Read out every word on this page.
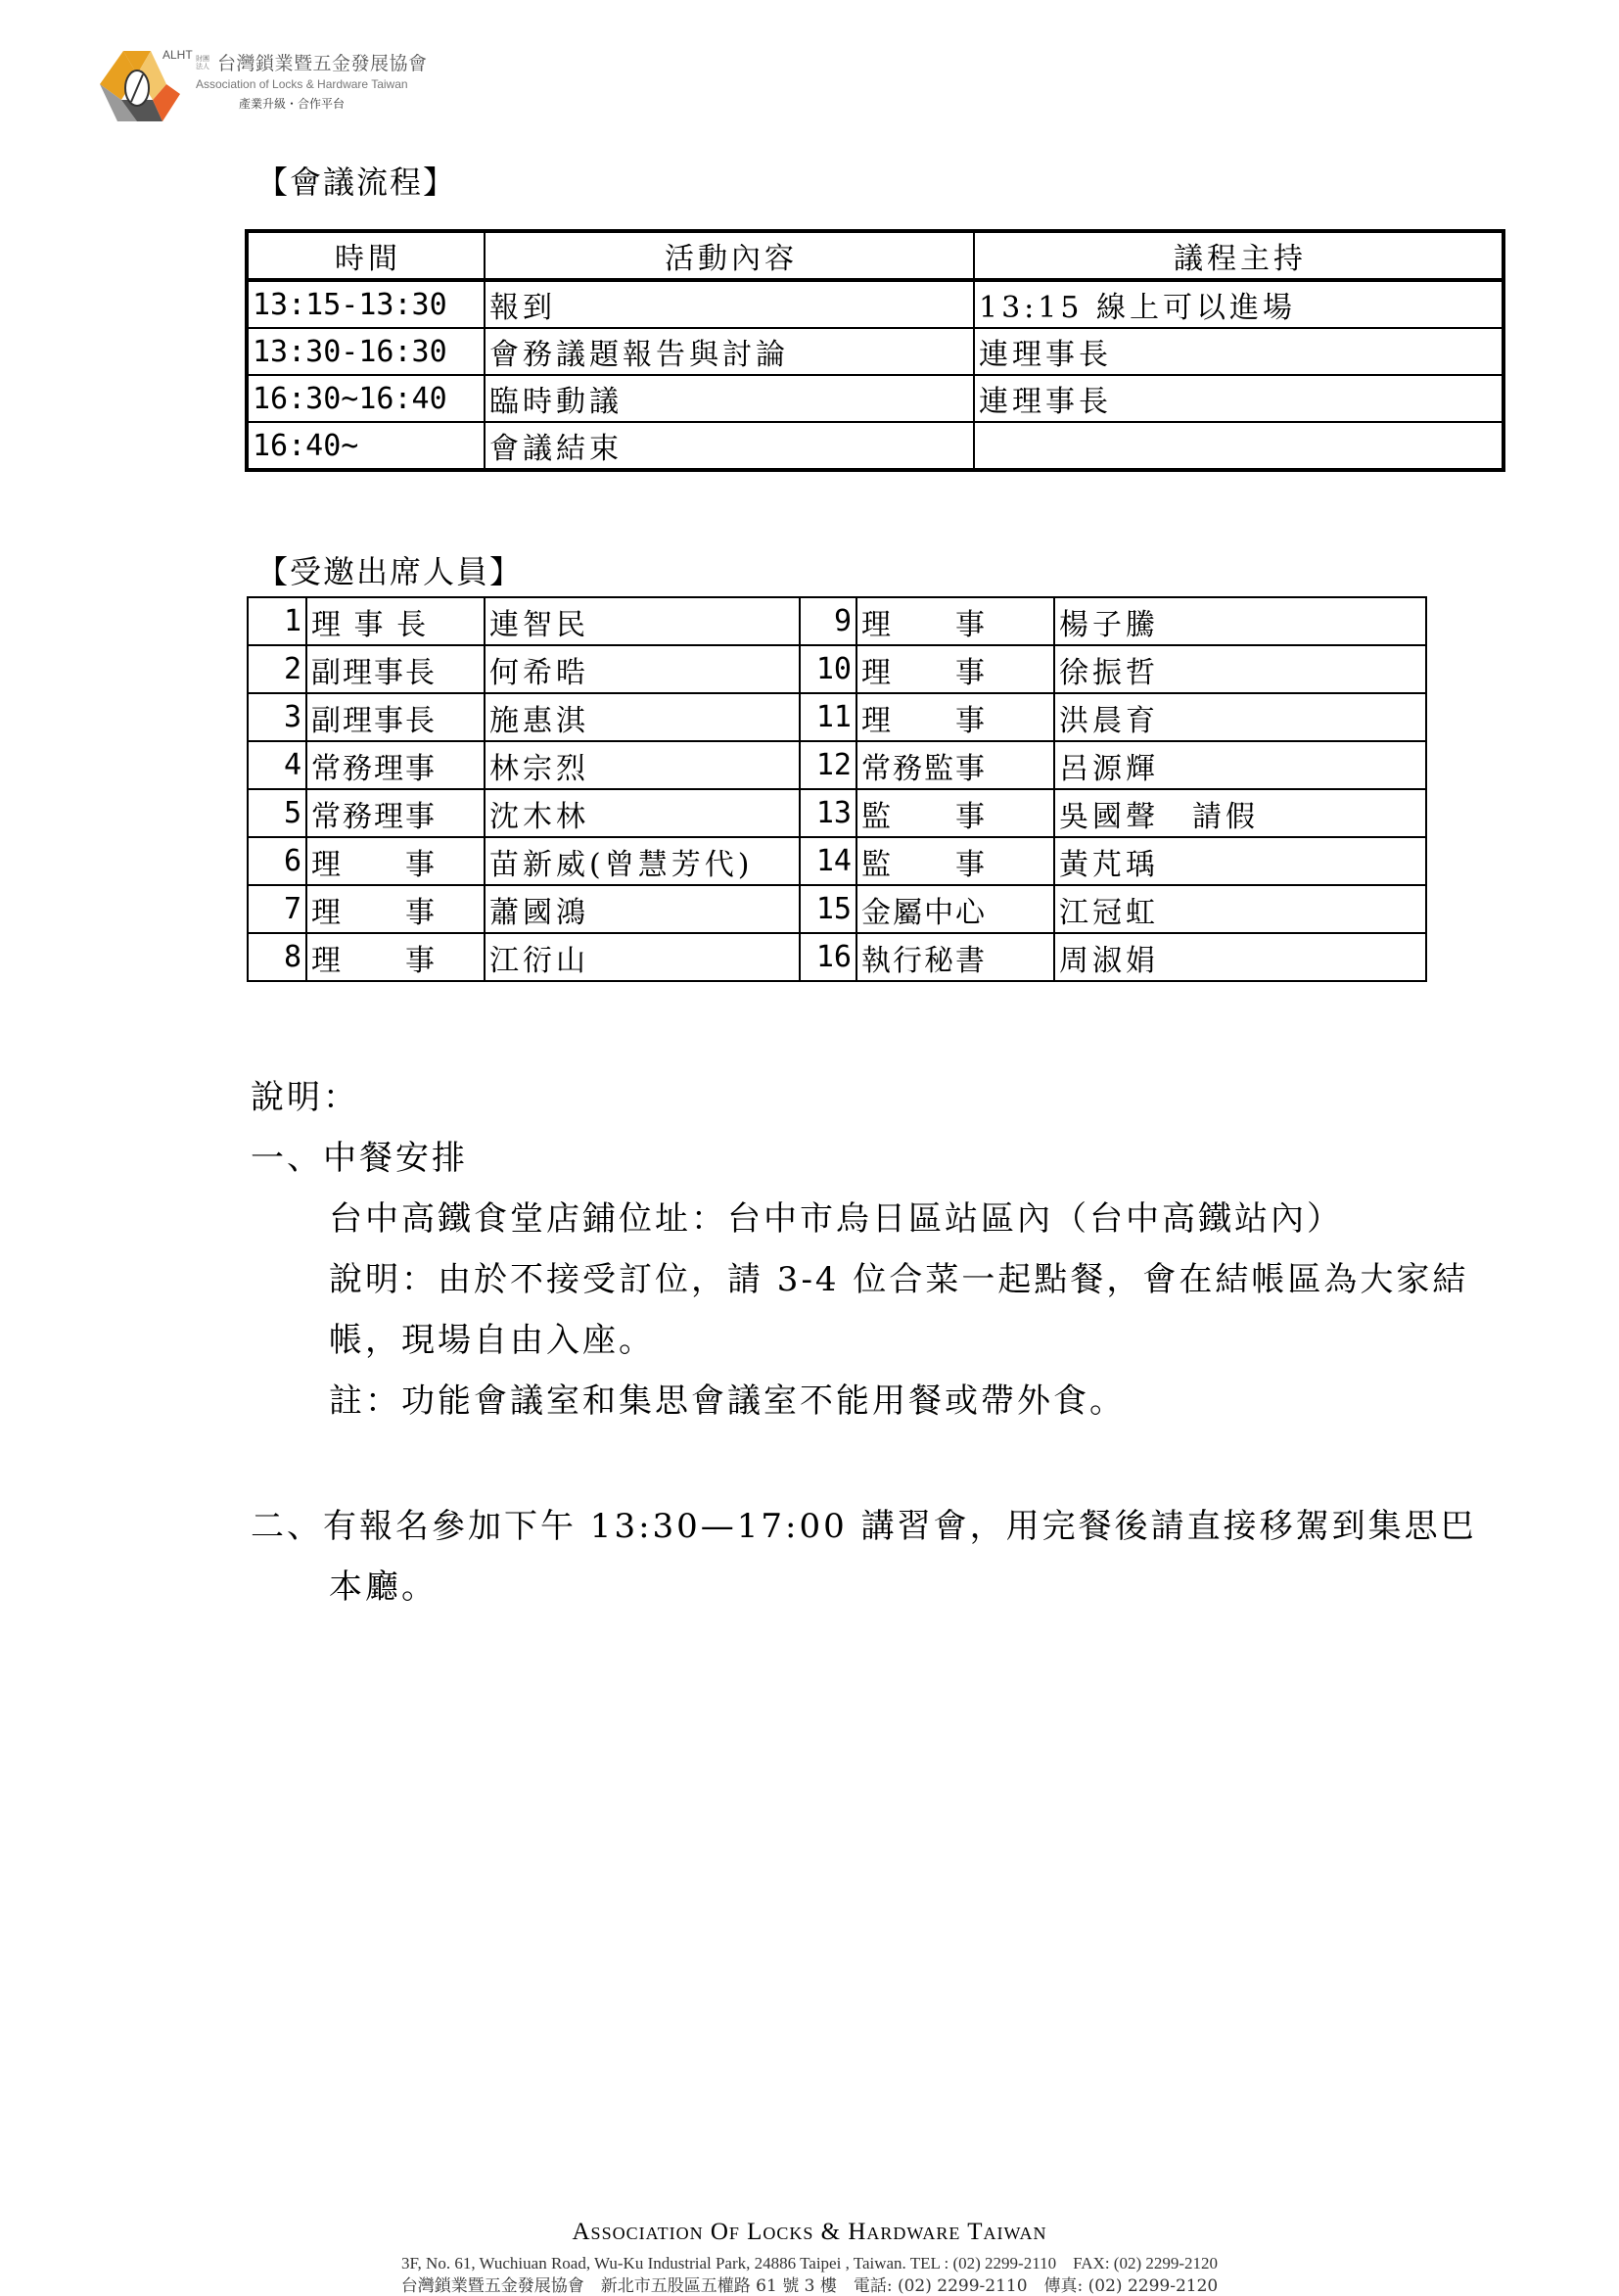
ALHT 財團法人 台灣鎖業暨五金發展協會
Association of Locks & Hardware Taiwan
產業升級・合作平台
【會議流程】
時間	活動內容	議程主持
13:15-13:30	報到	13:15 線上可以進場
13:30-16:30	會務議題報告與討論	連理事長
16:30~16:40	臨時動議	連理事長
16:40~	會議結束	
【受邀出席人員】
1	理 事 長	連智民	9	理　　事	楊子騰
2	副理事長	何希晧	10	理　　事	徐振哲
3	副理事長	施惠淇	11	理　　事	洪晨育
4	常務理事	林宗烈	12	常務監事	呂源輝
5	常務理事	沈木林	13	監　　事	吳國聲　請假
6	理　　事	苗新威(曾慧芳代)	14	監　　事	黃芃瑀
7	理　　事	蕭國鴻	15	金屬中心	江冠虹
8	理　　事	江衍山	16	執行秘書	周淑娟
說明：
一、中餐安排
台中高鐵食堂店鋪位址：台中市烏日區站區內（台中高鐵站內）
說明：由於不接受訂位，請 3-4 位合菜一起點餐，會在結帳區為大家結
帳，現場自由入座。
註：功能會議室和集思會議室不能用餐或帶外食。
二、有報名參加下午 13:30—17:00 講習會，用完餐後請直接移駕到集思巴
本廳。
Association Of Locks & Hardware Taiwan
3F, No. 61, Wuchiuan Road, Wu-Ku Industrial Park, 24886 Taipei , Taiwan. TEL : (02) 2299-2110　FAX: (02) 2299-2120
台灣鎖業暨五金發展協會　新北市五股區五權路 61 號 3 樓　電話: (02) 2299-2110　傳真: (02) 2299-2120
